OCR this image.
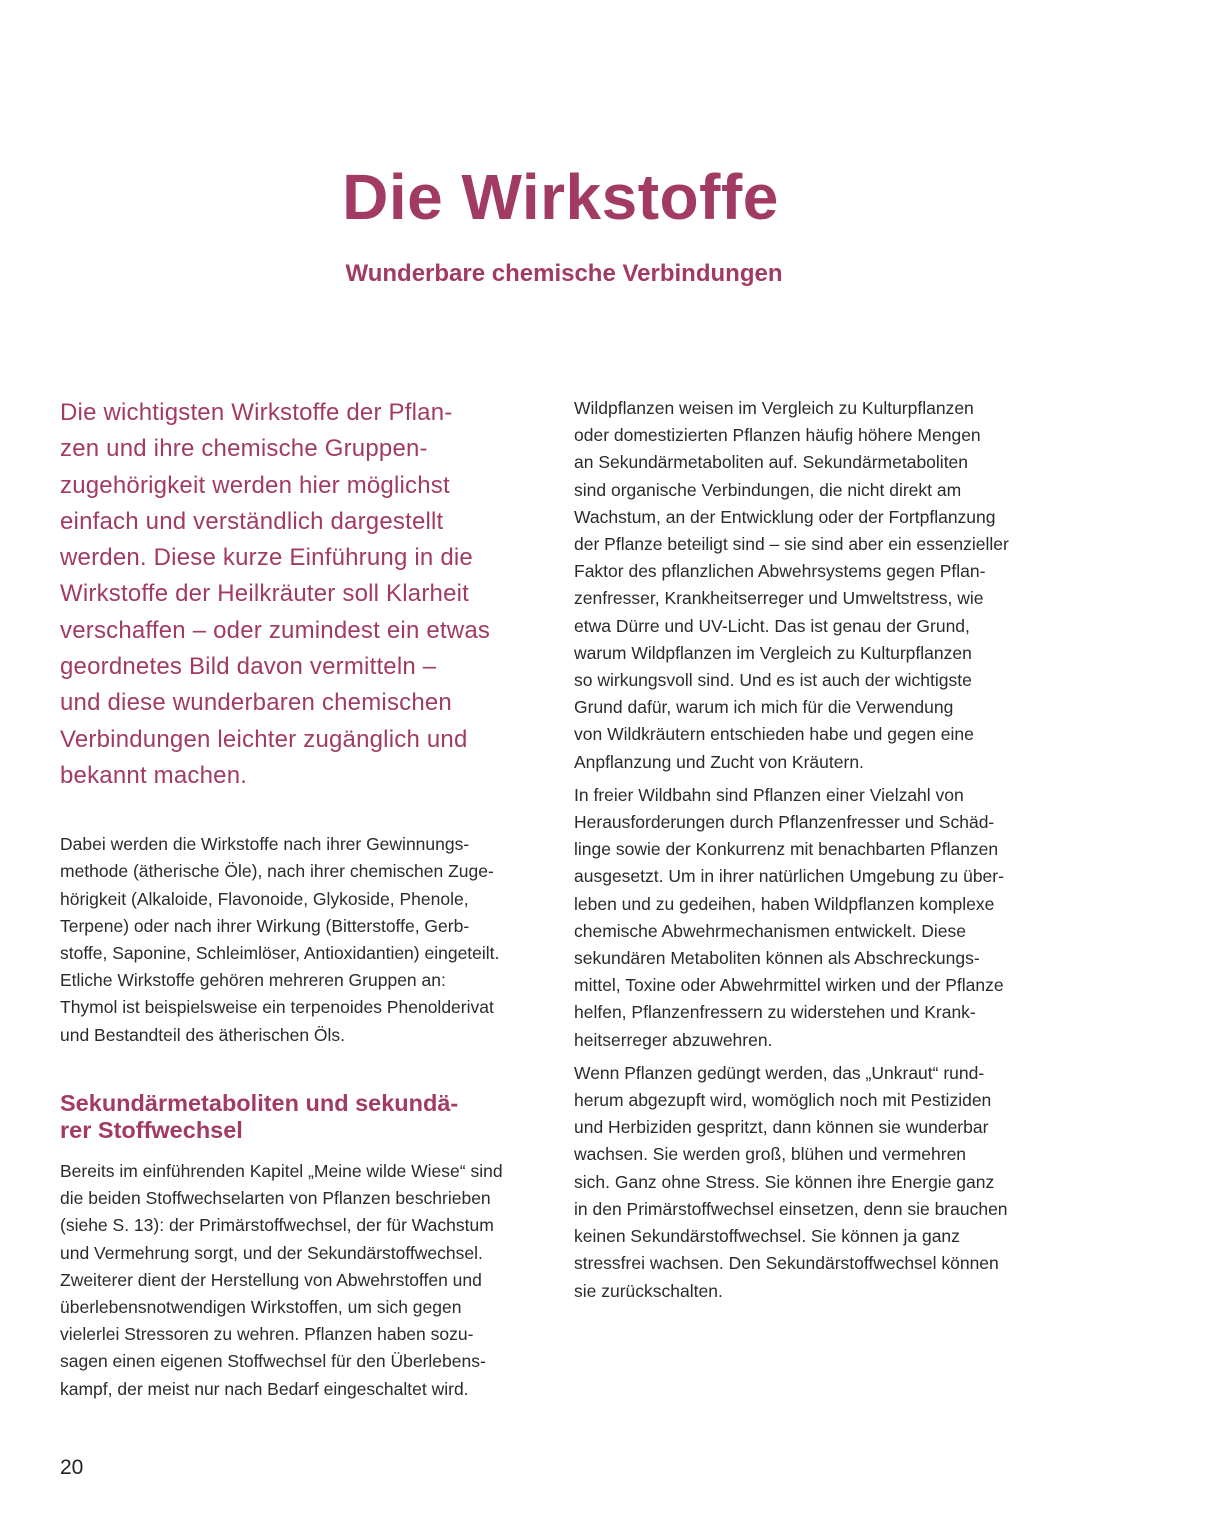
Die Wirkstoffe
Wunderbare chemische Verbindungen

Die wichtigsten Wirkstoffe der Pflan-
zen und ihre chemische Gruppen-
zugehörigkeit werden hier möglichst
einfach und verständlich dargestellt
werden. Diese kurze Einführung in die
Wirkstoffe der Heilkräuter soll Klarheit
verschaffen – oder zumindest ein etwas
geordnetes Bild davon vermitteln –
und diese wunderbaren chemischen
Verbindungen leichter zugänglich und
bekannt machen.

Dabei werden die Wirkstoffe nach ihrer Gewinnungs-
methode (ätherische Öle), nach ihrer chemischen Zuge-
hörigkeit (Alkaloide, Flavonoide, Glykoside, Phenole,
Terpene) oder nach ihrer Wirkung (Bitterstoffe, Gerb-
stoffe, Saponine, Schleimlöser, Antioxidantien) eingeteilt.
Etliche Wirkstoffe gehören mehreren Gruppen an:
Thymol ist beispielsweise ein terpenoides Phenolderivat
und Bestandteil des ätherischen Öls.

Sekundärmetaboliten und sekundä-
rer Stoffwechsel

Bereits im einführenden Kapitel „Meine wilde Wiese“ sind
die beiden Stoffwechselarten von Pflanzen beschrieben
(siehe S. 13): der Primärstoffwechsel, der für Wachstum
und Vermehrung sorgt, und der Sekundärstoffwechsel.
Zweiterer dient der Herstellung von Abwehrstoffen und
überlebensnotwendigen Wirkstoffen, um sich gegen
vielerlei Stressoren zu wehren. Pflanzen haben sozu-
sagen einen eigenen Stoffwechsel für den Überlebens-
kampf, der meist nur nach Bedarf eingeschaltet wird.

Wildpflanzen weisen im Vergleich zu Kulturpflanzen
oder domestizierten Pflanzen häufig höhere Mengen
an Sekundärmetaboliten auf. Sekundärmetaboliten
sind organische Verbindungen, die nicht direkt am
Wachstum, an der Entwicklung oder der Fortpflanzung
der Pflanze beteiligt sind – sie sind aber ein essenzieller
Faktor des pflanzlichen Abwehrsystems gegen Pflan-
zenfresser, Krankheitserreger und Umweltstress, wie
etwa Dürre und UV-Licht. Das ist genau der Grund,
warum Wildpflanzen im Vergleich zu Kulturpflanzen
so wirkungsvoll sind. Und es ist auch der wichtigste
Grund dafür, warum ich mich für die Verwendung
von Wildkräutern entschieden habe und gegen eine
Anpflanzung und Zucht von Kräutern.

In freier Wildbahn sind Pflanzen einer Vielzahl von
Herausforderungen durch Pflanzenfresser und Schäd-
linge sowie der Konkurrenz mit benachbarten Pflanzen
ausgesetzt. Um in ihrer natürlichen Umgebung zu über-
leben und zu gedeihen, haben Wildpflanzen komplexe
chemische Abwehrmechanismen entwickelt. Diese
sekundären Metaboliten können als Abschreckungs-
mittel, Toxine oder Abwehrmittel wirken und der Pflanze
helfen, Pflanzenfressern zu widerstehen und Krank-
heitserreger abzuwehren.

Wenn Pflanzen gedüngt werden, das „Unkraut“ rund-
herum abgezupft wird, womöglich noch mit Pestiziden
und Herbiziden gespritzt, dann können sie wunderbar
wachsen. Sie werden groß, blühen und vermehren
sich. Ganz ohne Stress. Sie können ihre Energie ganz
in den Primärstoffwechsel einsetzen, denn sie brauchen
keinen Sekundärstoffwechsel. Sie können ja ganz
stressfrei wachsen. Den Sekundärstoffwechsel können
sie zurückschalten.

20
